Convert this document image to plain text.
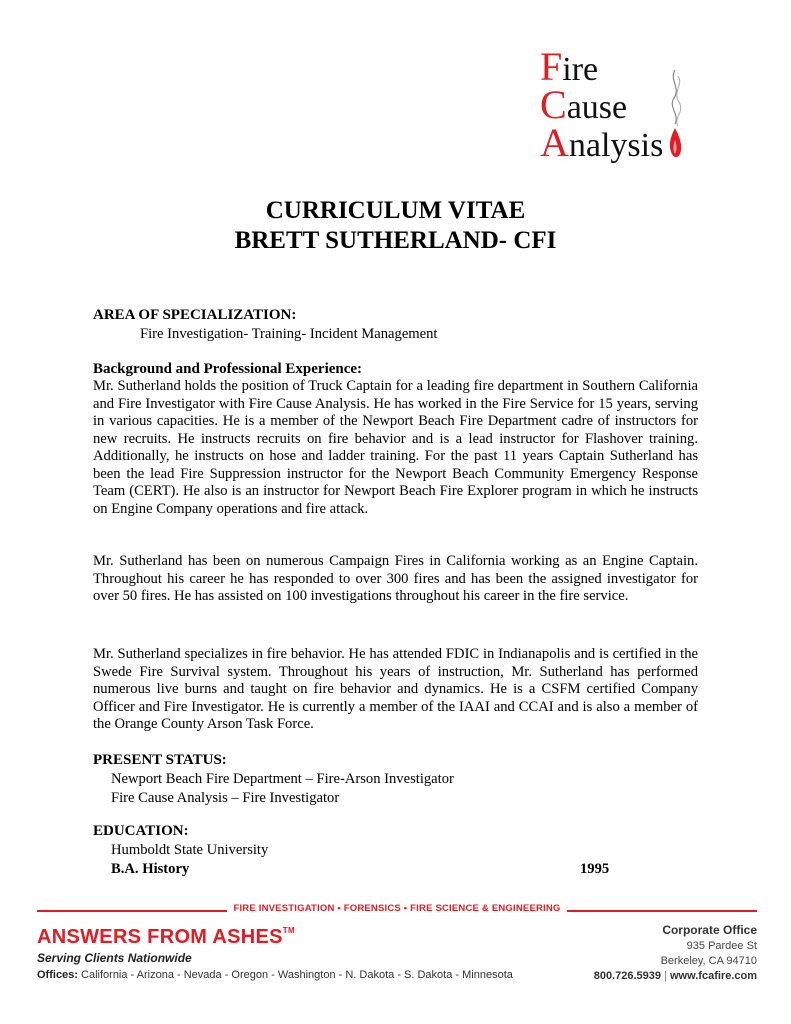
Fire
Cause
Analysis
CURRICULUM VITAE
BRETT SUTHERLAND- CFI
AREA OF SPECIALIZATION:
Fire Investigation- Training- Incident Management
Background and Professional Experience:
Mr. Sutherland holds the position of Truck Captain for a leading fire department in Southern California and Fire Investigator with Fire Cause Analysis. He has worked in the Fire Service for 15 years, serving in various capacities. He is a member of the Newport Beach Fire Department cadre of instructors for new recruits. He instructs recruits on fire behavior and is a lead instructor for Flashover training. Additionally, he instructs on hose and ladder training. For the past 11 years Captain Sutherland has been the lead Fire Suppression instructor for the Newport Beach Community Emergency Response Team (CERT). He also is an instructor for Newport Beach Fire Explorer program in which he instructs on Engine Company operations and fire attack.
Mr. Sutherland has been on numerous Campaign Fires in California working as an Engine Captain. Throughout his career he has responded to over 300 fires and has been the assigned investigator for over 50 fires. He has assisted on 100 investigations throughout his career in the fire service.
Mr. Sutherland specializes in fire behavior. He has attended FDIC in Indianapolis and is certified in the Swede Fire Survival system. Throughout his years of instruction, Mr. Sutherland has performed numerous live burns and taught on fire behavior and dynamics. He is a CSFM certified Company Officer and Fire Investigator. He is currently a member of the IAAI and CCAI and is also a member of the Orange County Arson Task Force.
PRESENT STATUS:
Newport Beach Fire Department – Fire-Arson Investigator
Fire Cause Analysis – Fire Investigator
EDUCATION:
Humboldt State University
B.A. History	1995
FIRE INVESTIGATION • FORENSICS • FIRE SCIENCE & ENGINEERING
ANSWERS FROM ASHES™
Serving Clients Nationwide
Offices: California - Arizona - Nevada - Oregon - Washington - N. Dakota - S. Dakota - Minnesota
Corporate Office
935 Pardee St
Berkeley, CA 94710
800.726.5939 | www.fcafire.com
